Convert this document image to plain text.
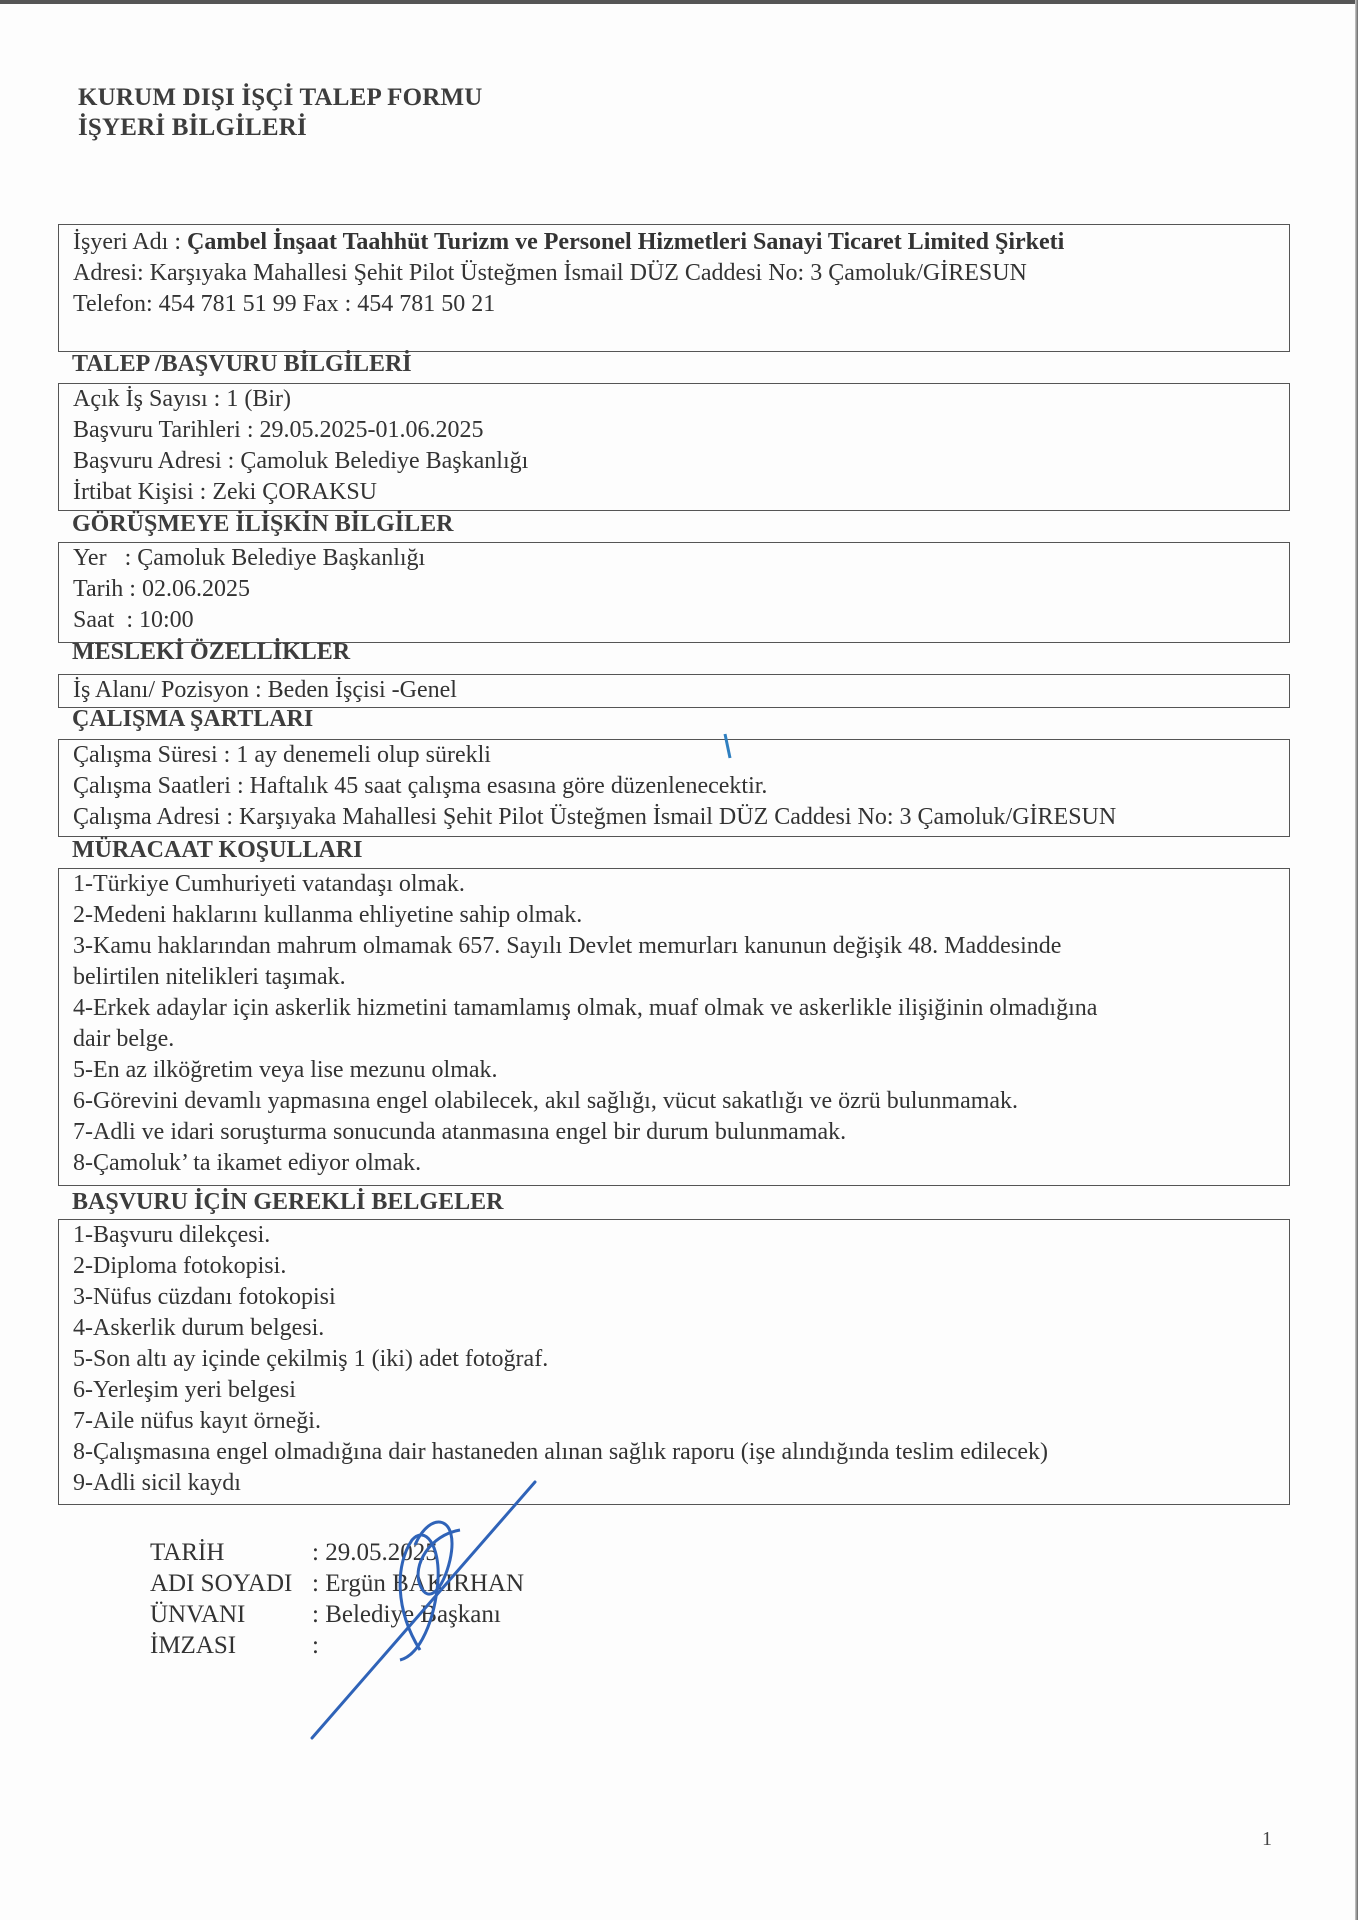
KURUM DIŞI İŞÇİ TALEP FORMU
İŞYERİ BİLGİLERİ
İşyeri Adı : Çambel İnşaat Taahhüt Turizm ve Personel Hizmetleri Sanayi Ticaret Limited Şirketi
Adresi: Karşıyaka Mahallesi Şehit Pilot Üsteğmen İsmail DÜZ Caddesi No: 3 Çamoluk/GİRESUN
Telefon: 454 781 51 99 Fax : 454 781 50 21
TALEP /BAŞVURU BİLGİLERİ
Açık İş Sayısı : 1 (Bir)
Başvuru Tarihleri : 29.05.2025-01.06.2025
Başvuru Adresi : Çamoluk Belediye Başkanlığı
İrtibat Kişisi : Zeki ÇORAKSU
GÖRÜŞMEYE İLİŞKİN BİLGİLER
Yer   : Çamoluk Belediye Başkanlığı
Tarih : 02.06.2025
Saat  : 10:00
MESLEKİ ÖZELLİKLER
İş Alanı/ Pozisyon : Beden İşçisi -Genel
ÇALIŞMA ŞARTLARI
Çalışma Süresi : 1 ay denemeli olup sürekli
Çalışma Saatleri : Haftalık 45 saat çalışma esasına göre düzenlenecektir.
Çalışma Adresi : Karşıyaka Mahallesi Şehit Pilot Üsteğmen İsmail DÜZ Caddesi No: 3 Çamoluk/GİRESUN
MÜRACAAT KOŞULLARI
1-Türkiye Cumhuriyeti vatandaşı olmak.
2-Medeni haklarını kullanma ehliyetine sahip olmak.
3-Kamu haklarından mahrum olmamak 657. Sayılı Devlet memurları kanunun değişik 48. Maddesinde
belirtilen nitelikleri taşımak.
4-Erkek adaylar için askerlik hizmetini tamamlamış olmak, muaf olmak ve askerlikle ilişiğinin olmadığına
dair belge.
5-En az ilköğretim veya lise mezunu olmak.
6-Görevini devamlı yapmasına engel olabilecek, akıl sağlığı, vücut sakatlığı ve özrü bulunmamak.
7-Adli ve idari soruşturma sonucunda atanmasına engel bir durum bulunmamak.
8-Çamoluk’ ta ikamet ediyor olmak.
BAŞVURU İÇİN GEREKLİ BELGELER
1-Başvuru dilekçesi.
2-Diploma fotokopisi.
3-Nüfus cüzdanı fotokopisi
4-Askerlik durum belgesi.
5-Son altı ay içinde çekilmiş 1 (iki) adet fotoğraf.
6-Yerleşim yeri belgesi
7-Aile nüfus kayıt örneği.
8-Çalışmasına engel olmadığına dair hastaneden alınan sağlık raporu (işe alındığında teslim edilecek)
9-Adli sicil kaydı
TARİH	: 29.05.2025
ADI SOYADI : Ergün BAKIRHAN
ÜNVANI	: Belediye Başkanı
İMZASI	:
1
